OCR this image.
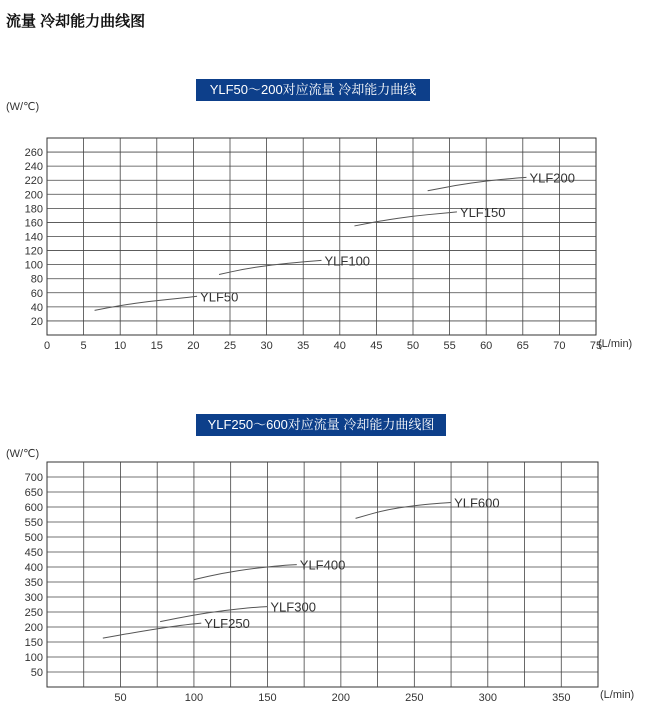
流量 冷却能力曲线图
YLF50～200对应流量 冷却能力曲线图
20
40
60
80
100
120
140
160
180
200
220
240
260
0	5 10 15 20 25 30 35 40 45 50 55 60 65 70 75
(W/℃)
(L/min)
YLF50
YLF100
YLF150
YLF200
YLF250～600对应流量 冷却能力曲线图
50
100
150
200
250
300
350
400
450
500
550
600
650
700
50	100	150	200	250	300	350
(W/℃)
(L/min)
YLF250
YLF300
YLF400
YLF600
